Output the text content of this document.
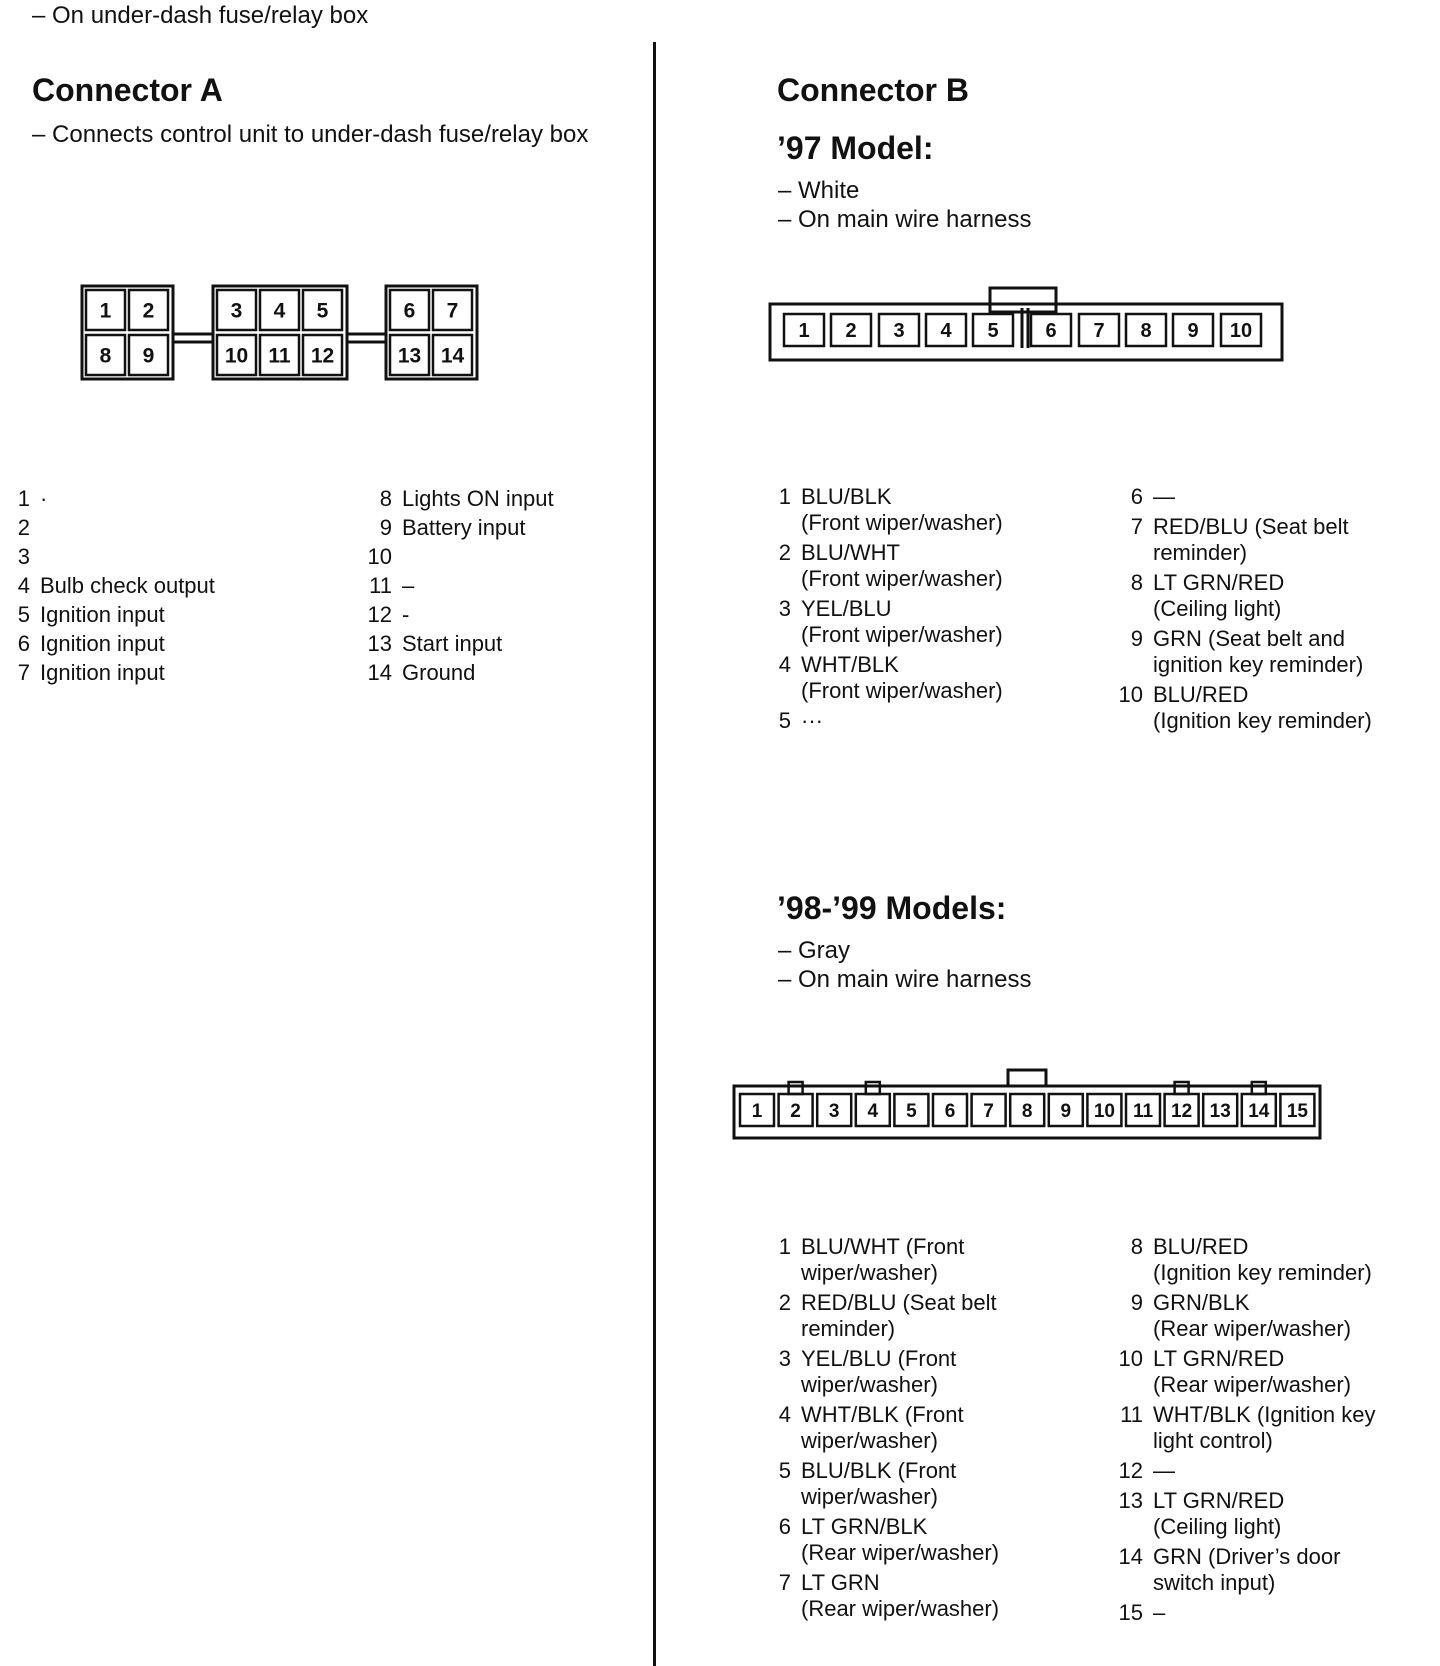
– On under-dash fuse/relay box
Connector A
– Connects control unit to under-dash fuse/relay box
1
8
2
9
3
10
4
11
5
12
6
13
7
14
1 ·
2
3
4 Bulb check output
5 Ignition input
6 Ignition input
7 Ignition input
8 Lights ON input
9 Battery input
10
11 –
12 -
13 Start input
14 Ground
Connector B
’97 Model:
– White
– On main wire harness
1 2 3 4 5 6 7 8 9 10
1 BLU/BLK
(Front wiper/washer)
2 BLU/WHT
(Front wiper/washer)
3 YEL/BLU
(Front wiper/washer)
4 WHT/BLK
(Front wiper/washer)
5 ···
6 —
7 RED/BLU (Seat belt
reminder)
8 LT GRN/RED
(Ceiling light)
9 GRN (Seat belt and
ignition key reminder)
10 BLU/RED
(Ignition key reminder)
’98-’99 Models:
– Gray
– On main wire harness
1 2 3 4 5 6 7 8 9 10 11 12 13 14 15
1 BLU/WHT (Front
wiper/washer)
2 RED/BLU (Seat belt
reminder)
3 YEL/BLU (Front
wiper/washer)
4 WHT/BLK (Front
wiper/washer)
5 BLU/BLK (Front
wiper/washer)
6 LT GRN/BLK
(Rear wiper/washer)
7 LT GRN
(Rear wiper/washer)
8 BLU/RED
(Ignition key reminder)
9 GRN/BLK
(Rear wiper/washer)
10 LT GRN/RED
(Rear wiper/washer)
11 WHT/BLK (Ignition key
light control)
12 —
13 LT GRN/RED
(Ceiling light)
14 GRN (Driver’s door
switch input)
15 –
